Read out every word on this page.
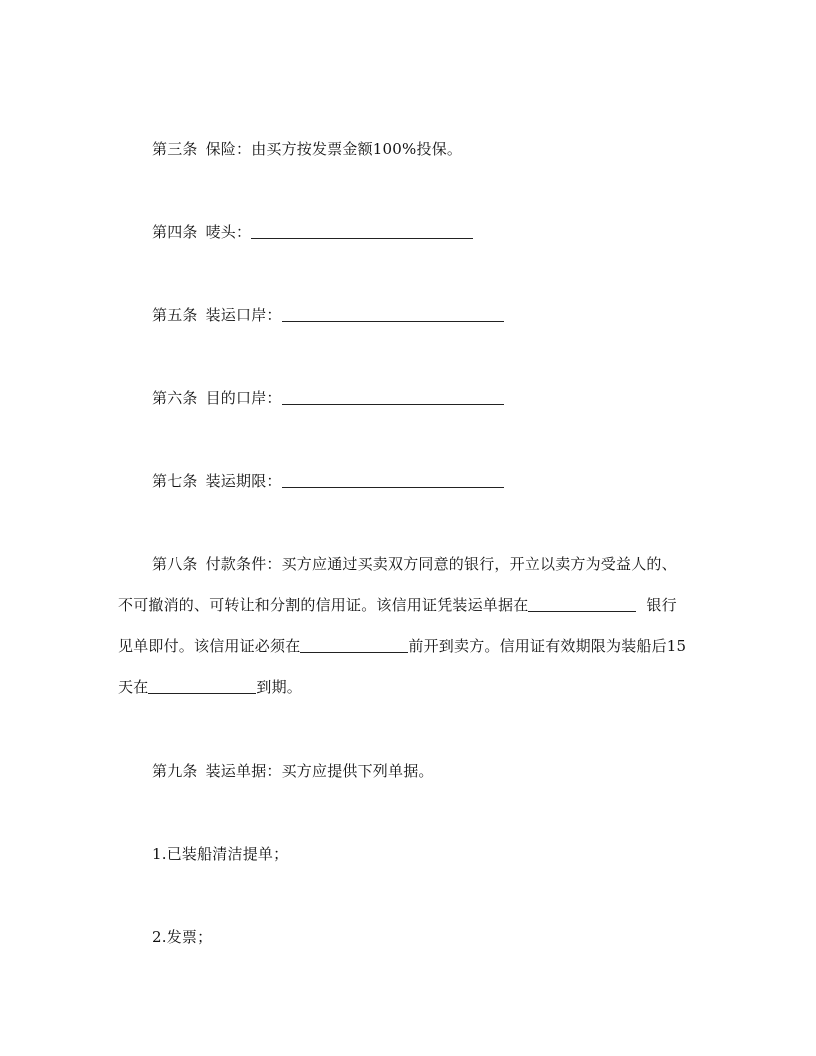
第三条 保险：由买方按发票金额100%投保。
第四条 唛头：
第五条 装运口岸：
第六条 目的口岸：
第七条 装运期限：
第八条 付款条件：买方应通过买卖双方同意的银行，开立以卖方为受益人的、
不可撤消的、可转让和分割的信用证。该信用证凭装运单据在	银行
见单即付。该信用证必须在	前开到卖方。信用证有效期限为装船后15
天在	到期。
第九条 装运单据：买方应提供下列单据。
1.已装船清洁提单；
2.发票；
